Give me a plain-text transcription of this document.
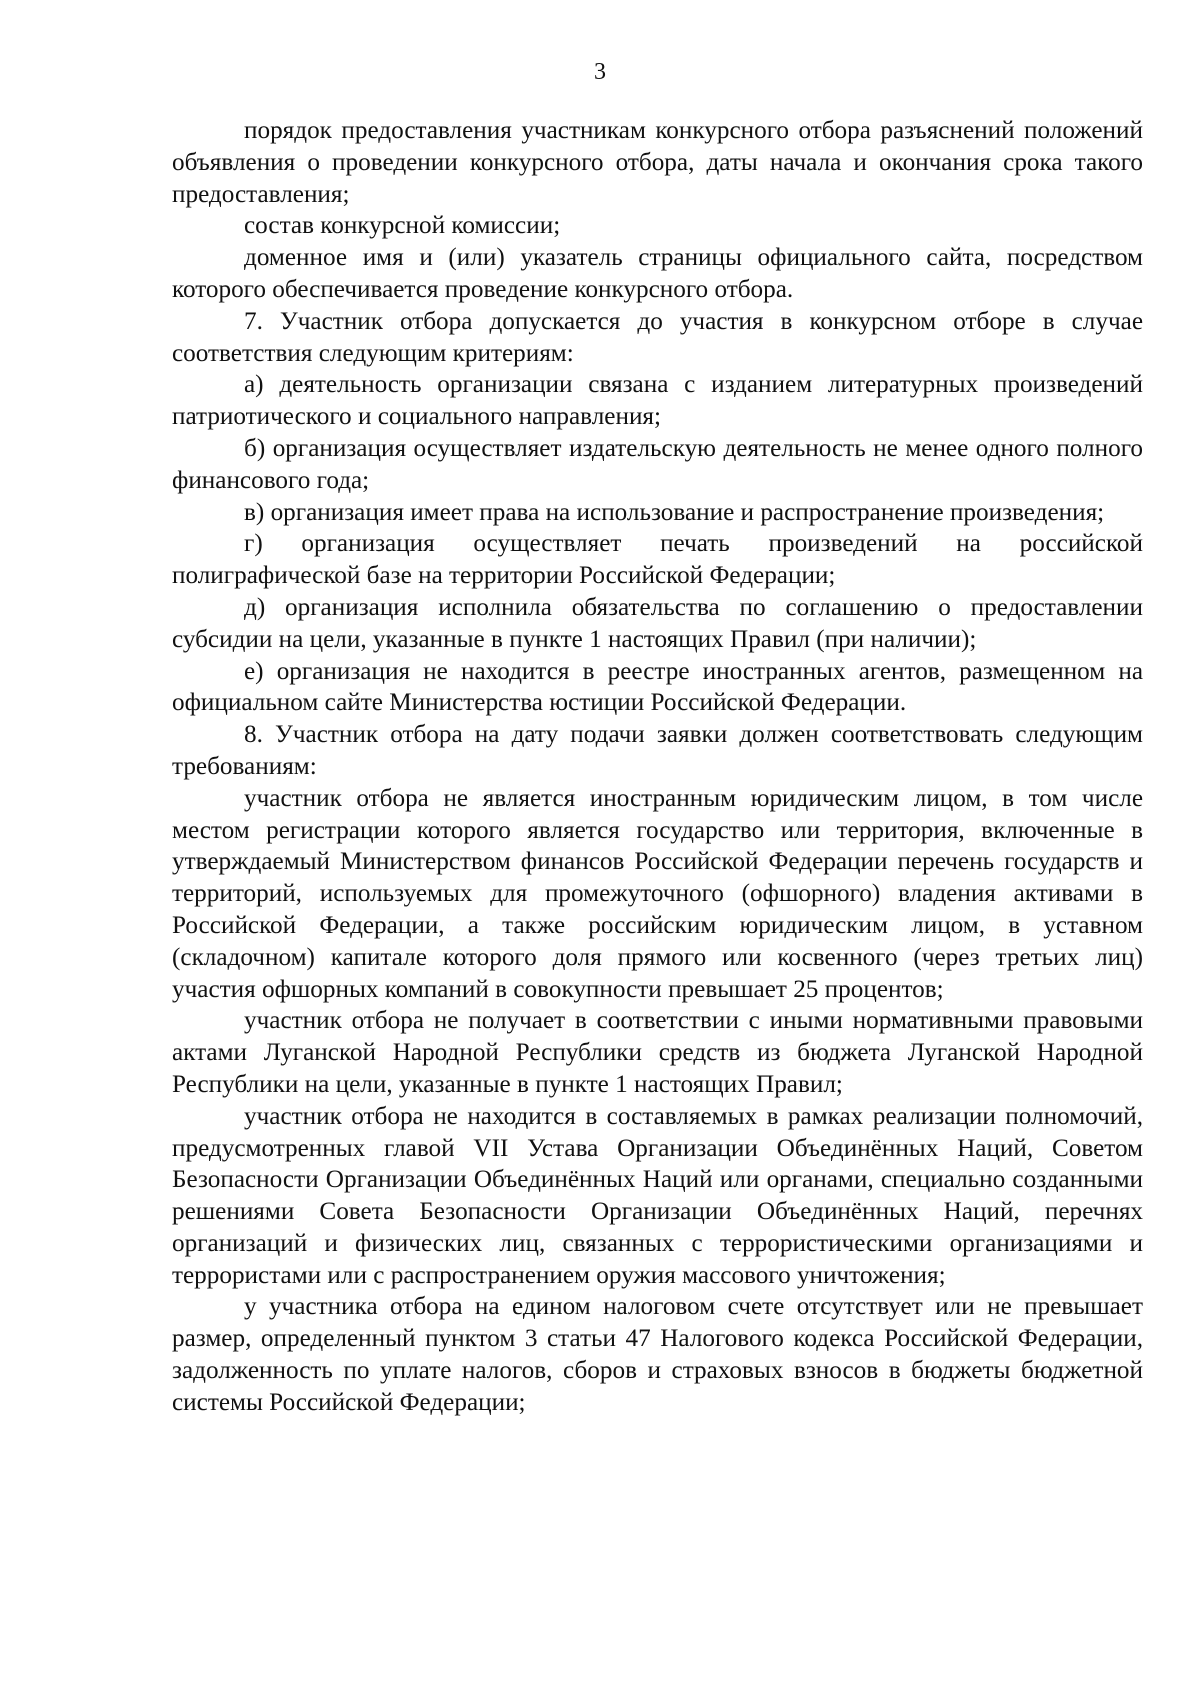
3

порядок предоставления участникам конкурсного отбора разъяснений положений объявления о проведении конкурсного отбора, даты начала и окончания срока такого предоставления;

состав конкурсной комиссии;

доменное имя и (или) указатель страницы официального сайта, посредством которого обеспечивается проведение конкурсного отбора.

7. Участник отбора допускается до участия в конкурсном отборе в случае соответствия следующим критериям:

а) деятельность организации связана с изданием литературных произведений патриотического и социального направления;

б) организация осуществляет издательскую деятельность не менее одного полного финансового года;

в) организация имеет права на использование и распространение произведения;

г) организация осуществляет печать произведений на российской полиграфической базе на территории Российской Федерации;

д) организация исполнила обязательства по соглашению о предоставлении субсидии на цели, указанные в пункте 1 настоящих Правил (при наличии);

е) организация не находится в реестре иностранных агентов, размещенном на официальном сайте Министерства юстиции Российской Федерации.

8. Участник отбора на дату подачи заявки должен соответствовать следующим требованиям:

участник отбора не является иностранным юридическим лицом, в том числе местом регистрации которого является государство или территория, включенные в утверждаемый Министерством финансов Российской Федерации перечень государств и территорий, используемых для промежуточного (офшорного) владения активами в Российской Федерации, а также российским юридическим лицом, в уставном (складочном) капитале которого доля прямого или косвенного (через третьих лиц) участия офшорных компаний в совокупности превышает 25 процентов;

участник отбора не получает в соответствии с иными нормативными правовыми актами Луганской Народной Республики средств из бюджета Луганской Народной Республики на цели, указанные в пункте 1 настоящих Правил;

участник отбора не находится в составляемых в рамках реализации полномочий, предусмотренных главой VII Устава Организации Объединённых Наций, Советом Безопасности Организации Объединённых Наций или органами, специально созданными решениями Совета Безопасности Организации Объединённых Наций, перечнях организаций и физических лиц, связанных с террористическими организациями и террористами или с распространением оружия массового уничтожения;

у участника отбора на едином налоговом счете отсутствует или не превышает размер, определенный пунктом 3 статьи 47 Налогового кодекса Российской Федерации, задолженность по уплате налогов, сборов и страховых взносов в бюджеты бюджетной системы Российской Федерации;
